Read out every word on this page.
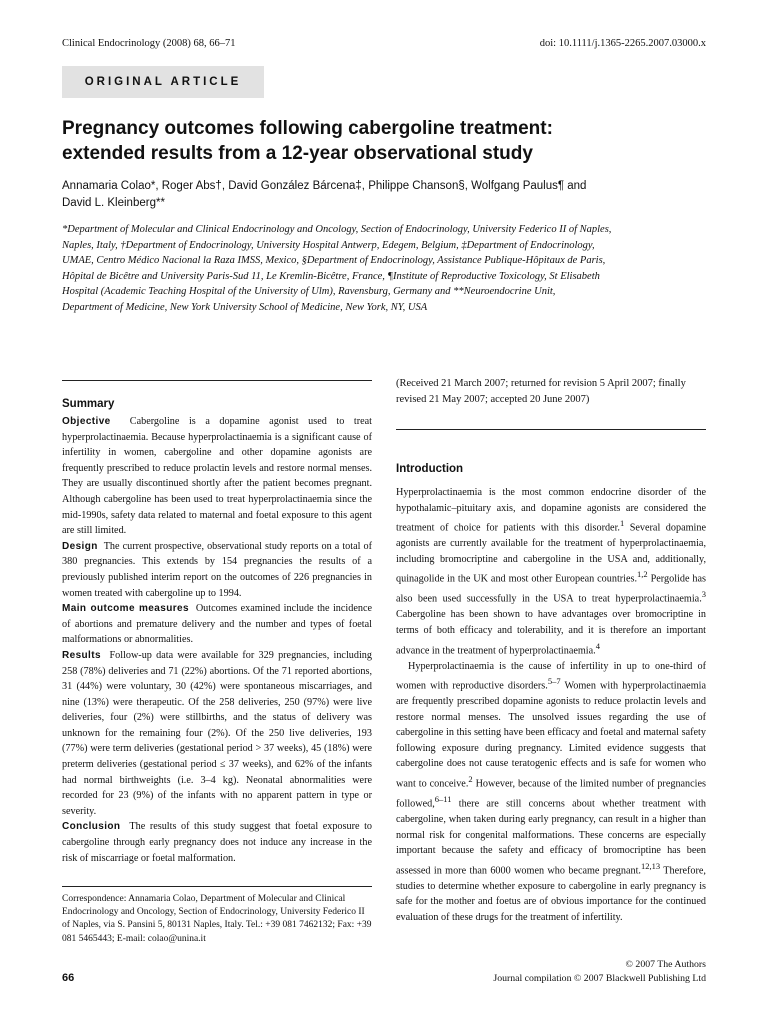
Clinical Endocrinology (2008) 68, 66–71	doi: 10.1111/j.1365-2265.2007.03000.x
ORIGINAL ARTICLE
Pregnancy outcomes following cabergoline treatment:
extended results from a 12-year observational study
Annamaria Colao*, Roger Abs†, David González Bárcena‡, Philippe Chanson§, Wolfgang Paulus¶ and
David L. Kleinberg**
*Department of Molecular and Clinical Endocrinology and Oncology, Section of Endocrinology, University Federico II of Naples,
Naples, Italy, †Department of Endocrinology, University Hospital Antwerp, Edegem, Belgium, ‡Department of Endocrinology,
UMAE, Centro Médico Nacional la Raza IMSS, Mexico, §Department of Endocrinology, Assistance Publique-Hôpitaux de Paris,
Hôpital de Bicêtre and University Paris-Sud 11, Le Kremlin-Bicêtre, France, ¶Institute of Reproductive Toxicology, St Elisabeth
Hospital (Academic Teaching Hospital of the University of Ulm), Ravensburg, Germany and **Neuroendocrine Unit,
Department of Medicine, New York University School of Medicine, New York, NY, USA
Summary

Objective Cabergoline is a dopamine agonist used to treat hyperprolactinaemia. Because hyperprolactinaemia is a significant cause of infertility in women, cabergoline and other dopamine agonists are frequently prescribed to reduce prolactin levels and restore normal menses. They are usually discontinued shortly after the patient becomes pregnant. Although cabergoline has been used to treat hyperprolactinaemia since the mid-1990s, safety data related to maternal and foetal exposure to this agent are still limited.

Design The current prospective, observational study reports on a total of 380 pregnancies. This extends by 154 pregnancies the results of a previously published interim report on the outcomes of 226 pregnancies in women treated with cabergoline up to 1994.

Main outcome measures Outcomes examined include the incidence of abortions and premature delivery and the number and types of foetal malformations or abnormalities.

Results Follow-up data were available for 329 pregnancies, including 258 (78%) deliveries and 71 (22%) abortions. Of the 71 reported abortions, 31 (44%) were voluntary, 30 (42%) were spontaneous miscarriages, and nine (13%) were therapeutic. Of the 258 deliveries, 250 (97%) were live deliveries, four (2%) were stillbirths, and the status of delivery was unknown for the remaining four (2%). Of the 250 live deliveries, 193 (77%) were term deliveries (gestational period > 37 weeks), 45 (18%) were preterm deliveries (gestational period ≤ 37 weeks), and 62% of the infants had normal birthweights (i.e. 3–4 kg). Neonatal abnormalities were recorded for 23 (9%) of the infants with no apparent pattern in type or severity.

Conclusion The results of this study suggest that foetal exposure to cabergoline through early pregnancy does not induce any increase in the risk of miscarriage or foetal malformation.

Correspondence: Annamaria Colao, Department of Molecular and Clinical Endocrinology and Oncology, Section of Endocrinology, University Federico II of Naples, via S. Pansini 5, 80131 Naples, Italy. Tel.: +39 081 7462132; Fax: +39 081 5465443; E-mail: colao@unina.it

(Received 21 March 2007; returned for revision 5 April 2007; finally
revised 21 May 2007; accepted 20 June 2007)

Introduction

Hyperprolactinaemia is the most common endocrine disorder of the hypothalamic–pituitary axis, and dopamine agonists are considered the treatment of choice for patients with this disorder.$^1$ Several dopamine agonists are currently available for the treatment of hyperprolactinaemia, including bromocriptine and cabergoline in the USA and, additionally, quinagolide in the UK and most other European countries.$^{1,2}$ Pergolide has also been used successfully in the USA to treat hyperprolactinaemia.$^3$ Cabergoline has been shown to have advantages over bromocriptine in terms of both efficacy and tolerability, and it is therefore an important advance in the treatment of hyperprolactinaemia.$^4$

Hyperprolactinaemia is the cause of infertility in up to one-third of women with reproductive disorders.$^{5-7}$ Women with hyperprolactinaemia are frequently prescribed dopamine agonists to reduce prolactin levels and restore normal menses. The unsolved issues regarding the use of cabergoline in this setting have been efficacy and foetal and maternal safety following exposure during pregnancy. Limited evidence suggests that cabergoline does not cause teratogenic effects and is safe for women who want to conceive.$^2$ However, because of the limited number of pregnancies followed,$^{6-11}$ there are still concerns about whether treatment with cabergoline, when taken during early pregnancy, can result in a higher than normal risk for congenital malformations. These concerns are especially important because the safety and efficacy of bromocriptine has been assessed in more than 6000 women who became pregnant.$^{12,13}$ Therefore, studies to determine whether exposure to cabergoline in early pregnancy is safe for the mother and foetus are of obvious importance for the continued evaluation of these drugs for the treatment of infertility.

66
© 2007 The Authors
Journal compilation © 2007 Blackwell Publishing Ltd
